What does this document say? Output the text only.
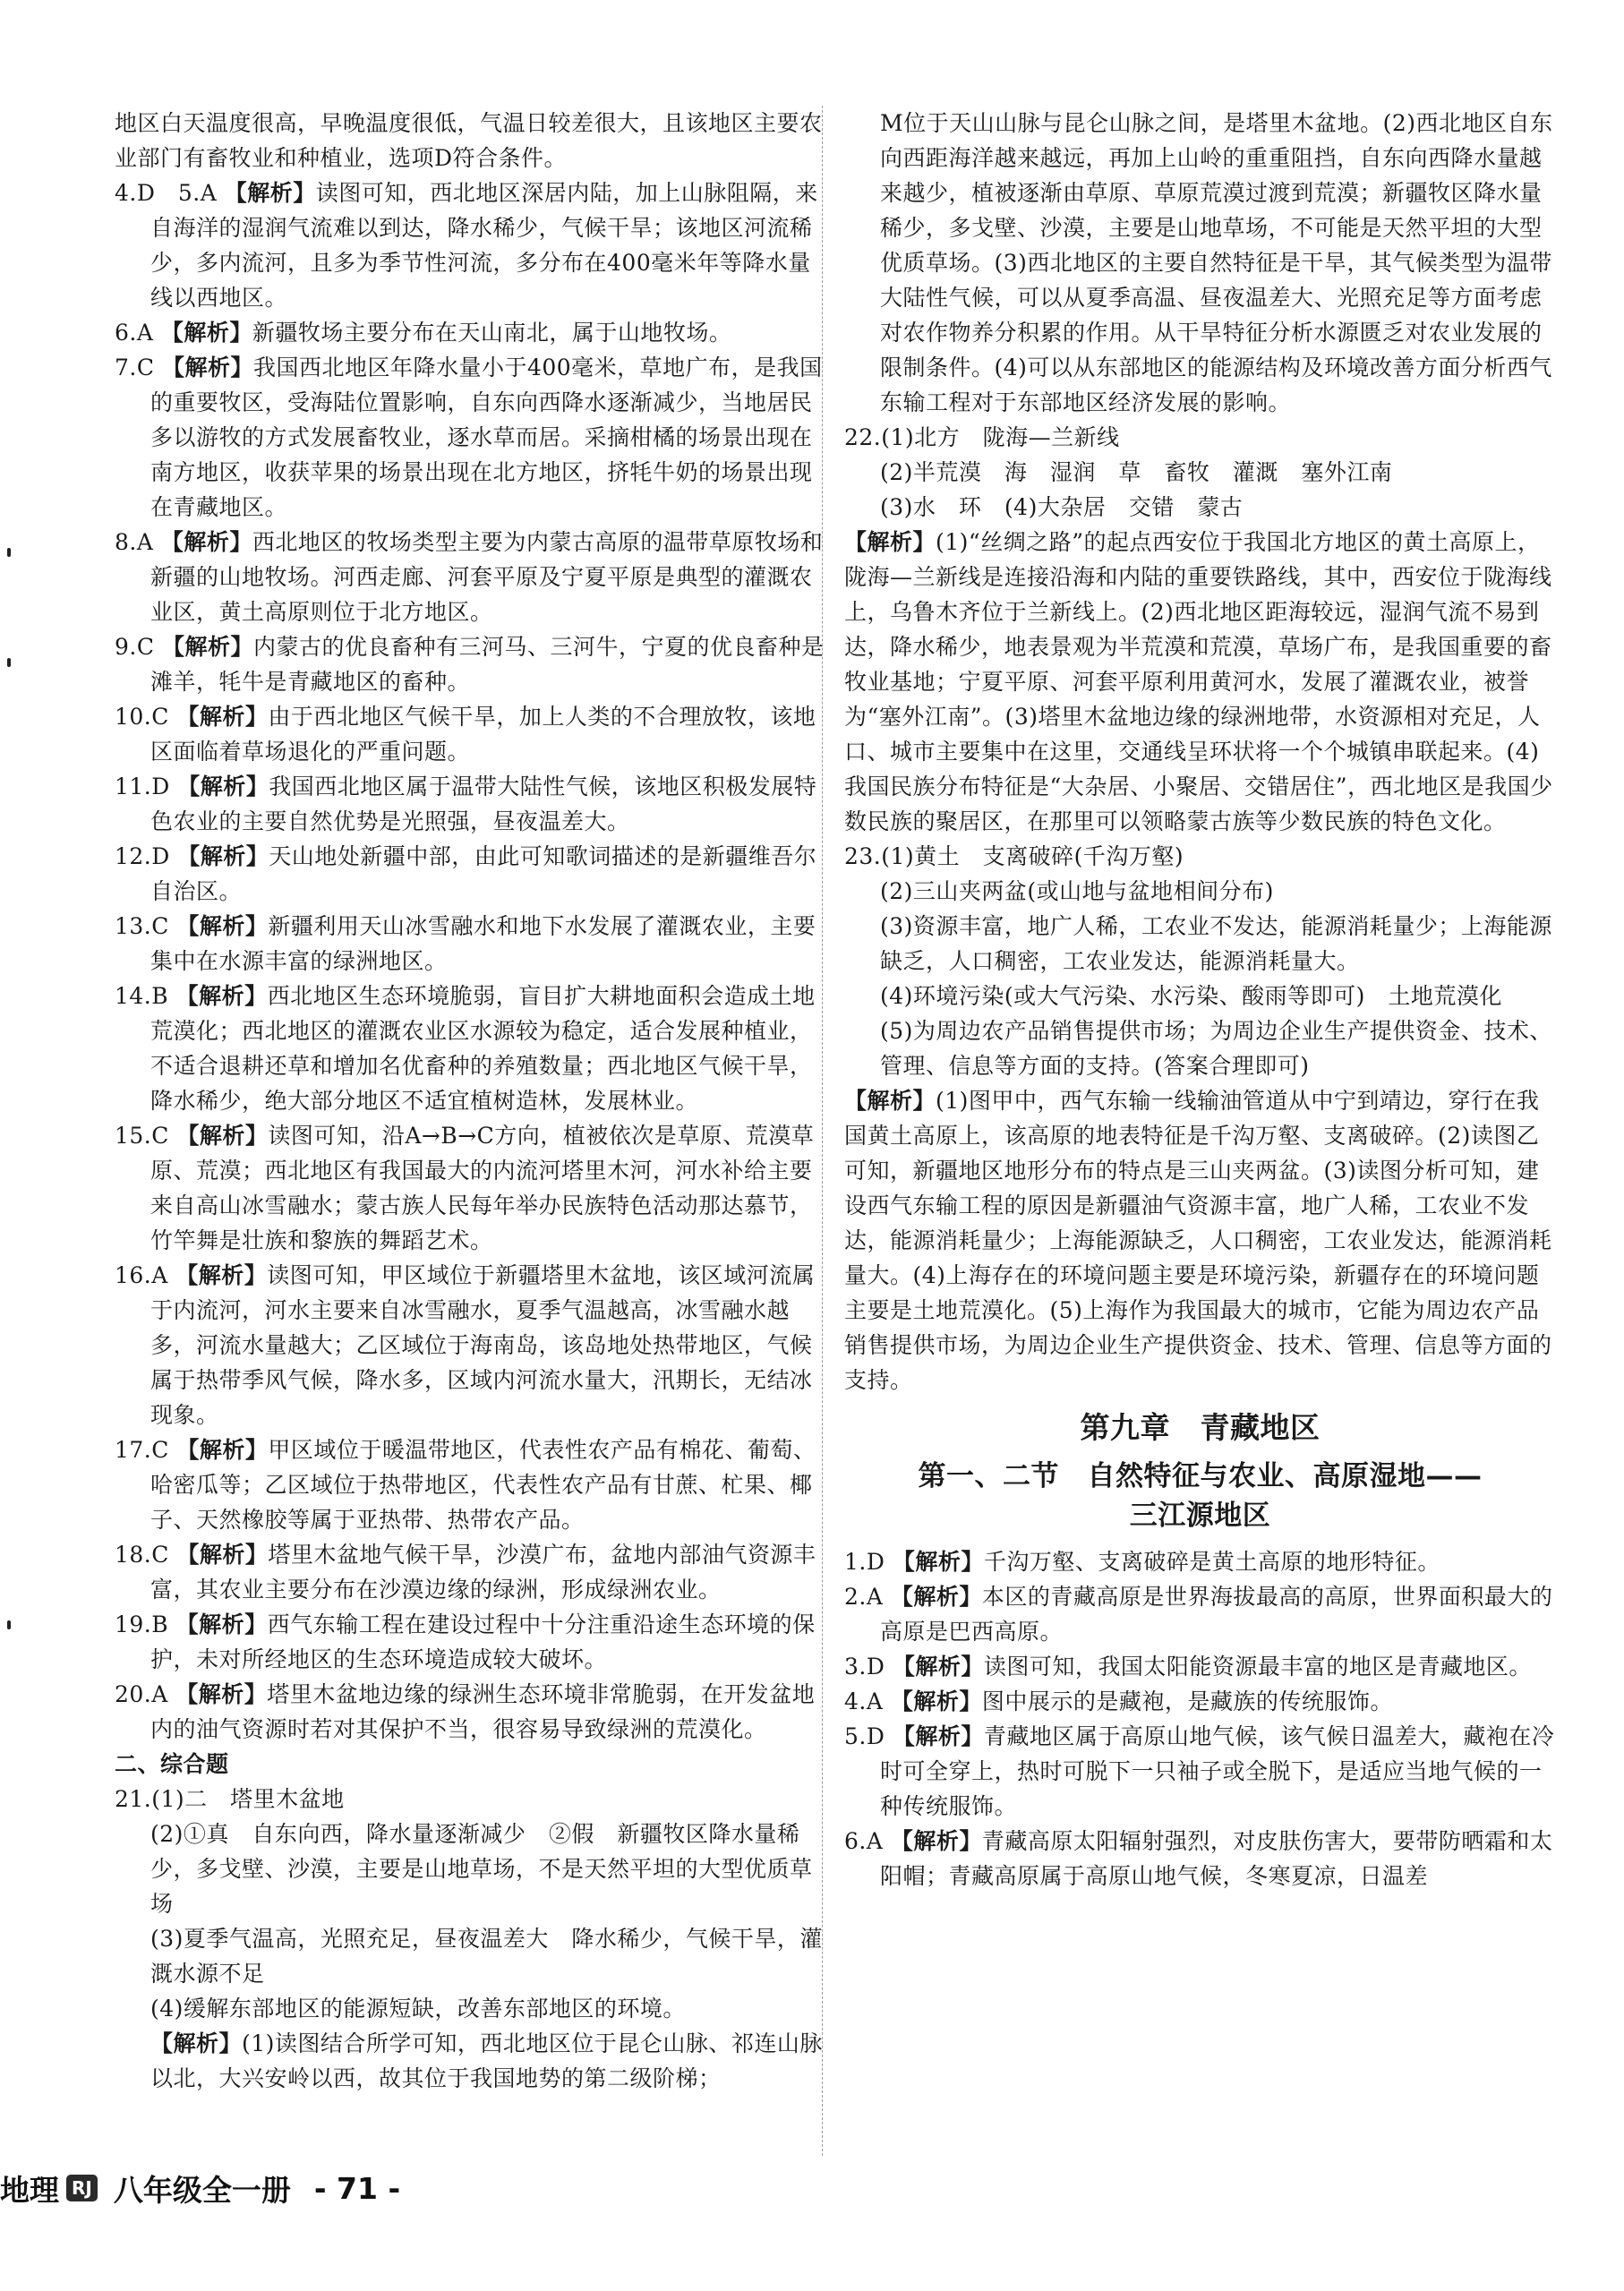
地区白天温度很高，早晚温度很低，气温日较差很大，且该地区主要农业部门有畜牧业和种植业，选项D符合条件。

4.D　5.A 【解析】读图可知，西北地区深居内陆，加上山脉阻隔，来自海洋的湿润气流难以到达，降水稀少，气候干旱；该地区河流稀少，多内流河，且多为季节性河流，多分布在400毫米年等降水量线以西地区。

6.A 【解析】新疆牧场主要分布在天山南北，属于山地牧场。

7.C 【解析】我国西北地区年降水量小于400毫米，草地广布，是我国的重要牧区，受海陆位置影响，自东向西降水逐渐减少，当地居民多以游牧的方式发展畜牧业，逐水草而居。采摘柑橘的场景出现在南方地区，收获苹果的场景出现在北方地区，挤牦牛奶的场景出现在青藏地区。

8.A 【解析】西北地区的牧场类型主要为内蒙古高原的温带草原牧场和新疆的山地牧场。河西走廊、河套平原及宁夏平原是典型的灌溉农业区，黄土高原则位于北方地区。

9.C 【解析】内蒙古的优良畜种有三河马、三河牛，宁夏的优良畜种是滩羊，牦牛是青藏地区的畜种。

10.C 【解析】由于西北地区气候干旱，加上人类的不合理放牧，该地区面临着草场退化的严重问题。

11.D 【解析】我国西北地区属于温带大陆性气候，该地区积极发展特色农业的主要自然优势是光照强，昼夜温差大。

12.D 【解析】天山地处新疆中部，由此可知歌词描述的是新疆维吾尔自治区。

13.C 【解析】新疆利用天山冰雪融水和地下水发展了灌溉农业，主要集中在水源丰富的绿洲地区。

14.B 【解析】西北地区生态环境脆弱，盲目扩大耕地面积会造成土地荒漠化；西北地区的灌溉农业区水源较为稳定，适合发展种植业，不适合退耕还草和增加名优畜种的养殖数量；西北地区气候干旱，降水稀少，绝大部分地区不适宜植树造林，发展林业。

15.C 【解析】读图可知，沿A→B→C方向，植被依次是草原、荒漠草原、荒漠；西北地区有我国最大的内流河塔里木河，河水补给主要来自高山冰雪融水；蒙古族人民每年举办民族特色活动那达慕节，竹竿舞是壮族和黎族的舞蹈艺术。

16.A 【解析】读图可知，甲区域位于新疆塔里木盆地，该区域河流属于内流河，河水主要来自冰雪融水，夏季气温越高，冰雪融水越多，河流水量越大；乙区域位于海南岛，该岛地处热带地区，气候属于热带季风气候，降水多，区域内河流水量大，汛期长，无结冰现象。

17.C 【解析】甲区域位于暖温带地区，代表性农产品有棉花、葡萄、哈密瓜等；乙区域位于热带地区，代表性农产品有甘蔗、杧果、椰子、天然橡胶等属于亚热带、热带农产品。

18.C 【解析】塔里木盆地气候干旱，沙漠广布，盆地内部油气资源丰富，其农业主要分布在沙漠边缘的绿洲，形成绿洲农业。

19.B 【解析】西气东输工程在建设过程中十分注重沿途生态环境的保护，未对所经地区的生态环境造成较大破坏。

20.A 【解析】塔里木盆地边缘的绿洲生态环境非常脆弱，在开发盆地内的油气资源时若对其保护不当，很容易导致绿洲的荒漠化。

二、综合题

21.(1)二　塔里木盆地

(2)①真　自东向西，降水量逐渐减少　②假　新疆牧区降水量稀少，多戈壁、沙漠，主要是山地草场，不是天然平坦的大型优质草场

(3)夏季气温高，光照充足，昼夜温差大　降水稀少，气候干旱，灌溉水源不足

(4)缓解东部地区的能源短缺，改善东部地区的环境。

【解析】(1)读图结合所学可知，西北地区位于昆仑山脉、祁连山脉以北，大兴安岭以西，故其位于我国地势的第二级阶梯；

M位于天山山脉与昆仑山脉之间，是塔里木盆地。(2)西北地区自东向西距海洋越来越远，再加上山岭的重重阻挡，自东向西降水量越来越少，植被逐渐由草原、草原荒漠过渡到荒漠；新疆牧区降水量稀少，多戈壁、沙漠，主要是山地草场，不可能是天然平坦的大型优质草场。(3)西北地区的主要自然特征是干旱，其气候类型为温带大陆性气候，可以从夏季高温、昼夜温差大、光照充足等方面考虑对农作物养分积累的作用。从干旱特征分析水源匮乏对农业发展的限制条件。(4)可以从东部地区的能源结构及环境改善方面分析西气东输工程对于东部地区经济发展的影响。

22.(1)北方　陇海—兰新线

(2)半荒漠　海　湿润　草　畜牧　灌溉　塞外江南

(3)水　环　(4)大杂居　交错　蒙古

【解析】(1)“丝绸之路”的起点西安位于我国北方地区的黄土高原上，陇海—兰新线是连接沿海和内陆的重要铁路线，其中，西安位于陇海线上，乌鲁木齐位于兰新线上。(2)西北地区距海较远，湿润气流不易到达，降水稀少，地表景观为半荒漠和荒漠，草场广布，是我国重要的畜牧业基地；宁夏平原、河套平原利用黄河水，发展了灌溉农业，被誉为“塞外江南”。(3)塔里木盆地边缘的绿洲地带，水资源相对充足，人口、城市主要集中在这里，交通线呈环状将一个个城镇串联起来。(4)我国民族分布特征是“大杂居、小聚居、交错居住”，西北地区是我国少数民族的聚居区，在那里可以领略蒙古族等少数民族的特色文化。

23.(1)黄土　支离破碎(千沟万壑)

(2)三山夹两盆(或山地与盆地相间分布)

(3)资源丰富，地广人稀，工农业不发达，能源消耗量少；上海能源缺乏，人口稠密，工农业发达，能源消耗量大。

(4)环境污染(或大气污染、水污染、酸雨等即可)　土地荒漠化

(5)为周边农产品销售提供市场；为周边企业生产提供资金、技术、管理、信息等方面的支持。(答案合理即可)

【解析】(1)图甲中，西气东输一线输油管道从中宁到靖边，穿行在我国黄土高原上，该高原的地表特征是千沟万壑、支离破碎。(2)读图乙可知，新疆地区地形分布的特点是三山夹两盆。(3)读图分析可知，建设西气东输工程的原因是新疆油气资源丰富，地广人稀，工农业不发达，能源消耗量少；上海能源缺乏，人口稠密，工农业发达，能源消耗量大。(4)上海存在的环境问题主要是环境污染，新疆存在的环境问题主要是土地荒漠化。(5)上海作为我国最大的城市，它能为周边农产品销售提供市场，为周边企业生产提供资金、技术、管理、信息等方面的支持。

第九章　青藏地区
第一、二节　自然特征与农业、高原湿地——
三江源地区

1.D 【解析】千沟万壑、支离破碎是黄土高原的地形特征。

2.A 【解析】本区的青藏高原是世界海拔最高的高原，世界面积最大的高原是巴西高原。

3.D 【解析】读图可知，我国太阳能资源最丰富的地区是青藏地区。

4.A 【解析】图中展示的是藏袍，是藏族的传统服饰。

5.D 【解析】青藏地区属于高原山地气候，该气候日温差大，藏袍在冷时可全穿上，热时可脱下一只袖子或全脱下，是适应当地气候的一种传统服饰。

6.A 【解析】青藏高原太阳辐射强烈，对皮肤伤害大，要带防晒霜和太阳帽；青藏高原属于高原山地气候，冬寒夏凉，日温差

地理 RJ 八年级全一册 - 71 -
